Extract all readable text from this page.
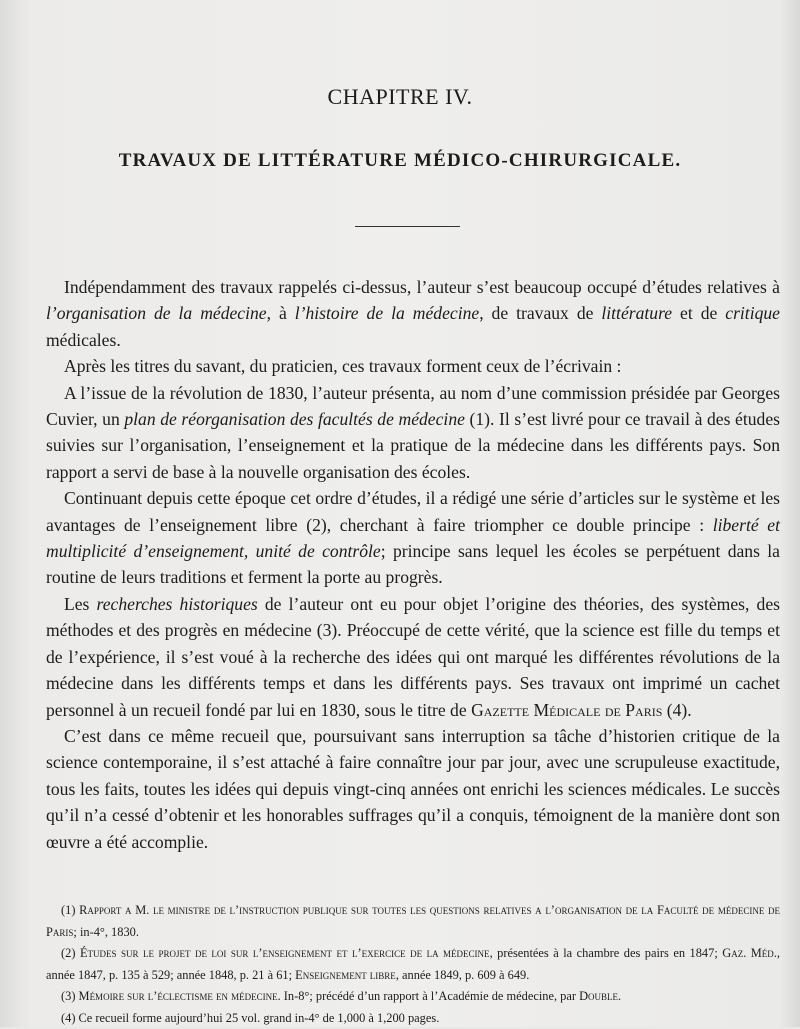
CHAPITRE IV.
TRAVAUX DE LITTÉRATURE MÉDICO-CHIRURGICALE.

Indépendamment des travaux rappelés ci-dessus, l’auteur s’est beaucoup occupé d’études relatives à l’organisation de la médecine, à l’histoire de la médecine, de travaux de littérature et de critique médicales.

Après les titres du savant, du praticien, ces travaux forment ceux de l’écrivain :

A l’issue de la révolution de 1830, l’auteur présenta, au nom d’une commission présidée par Georges Cuvier, un plan de réorganisation des facultés de médecine (1). Il s’est livré pour ce travail à des études suivies sur l’organisation, l’enseignement et la pratique de la médecine dans les différents pays. Son rapport a servi de base à la nouvelle organisation des écoles.

Continuant depuis cette époque cet ordre d’études, il a rédigé une série d’articles sur le système et les avantages de l’enseignement libre (2), cherchant à faire triompher ce double principe : liberté et multiplicité d’enseignement, unité de contrôle; principe sans lequel les écoles se perpétuent dans la routine de leurs traditions et ferment la porte au progrès.

Les recherches historiques de l’auteur ont eu pour objet l’origine des théories, des systèmes, des méthodes et des progrès en médecine (3). Préoccupé de cette vérité, que la science est fille du temps et de l’expérience, il s’est voué à la recherche des idées qui ont marqué les différentes révolutions de la médecine dans les différents temps et dans les différents pays. Ses travaux ont imprimé un cachet personnel à un recueil fondé par lui en 1830, sous le titre de Gazette Médicale de Paris (4).

C’est dans ce même recueil que, poursuivant sans interruption sa tâche d’historien critique de la science contemporaine, il s’est attaché à faire connaître jour par jour, avec une scrupuleuse exactitude, tous les faits, toutes les idées qui depuis vingt-cinq années ont enrichi les sciences médicales. Le succès qu’il n’a cessé d’obtenir et les honorables suffrages qu’il a conquis, témoignent de la manière dont son œuvre a été accomplie.

(1) Rapport a M. le ministre de l’instruction publique sur toutes les questions relatives a l’organisation de la Faculté de médecine de Paris; in-4°, 1830.

(2) Études sur le projet de loi sur l’enseignement et l’exercice de la médecine, présentées à la chambre des pairs en 1847; Gaz. Méd., année 1847, p. 135 à 529; année 1848, p. 21 à 61; Enseignement libre, année 1849, p. 609 à 649.

(3) Mémoire sur l’éclectisme en médecine. In-8°; précédé d’un rapport à l’Académie de médecine, par Double.

(4) Ce recueil forme aujourd’hui 25 vol. grand in-4° de 1,000 à 1,200 pages.
